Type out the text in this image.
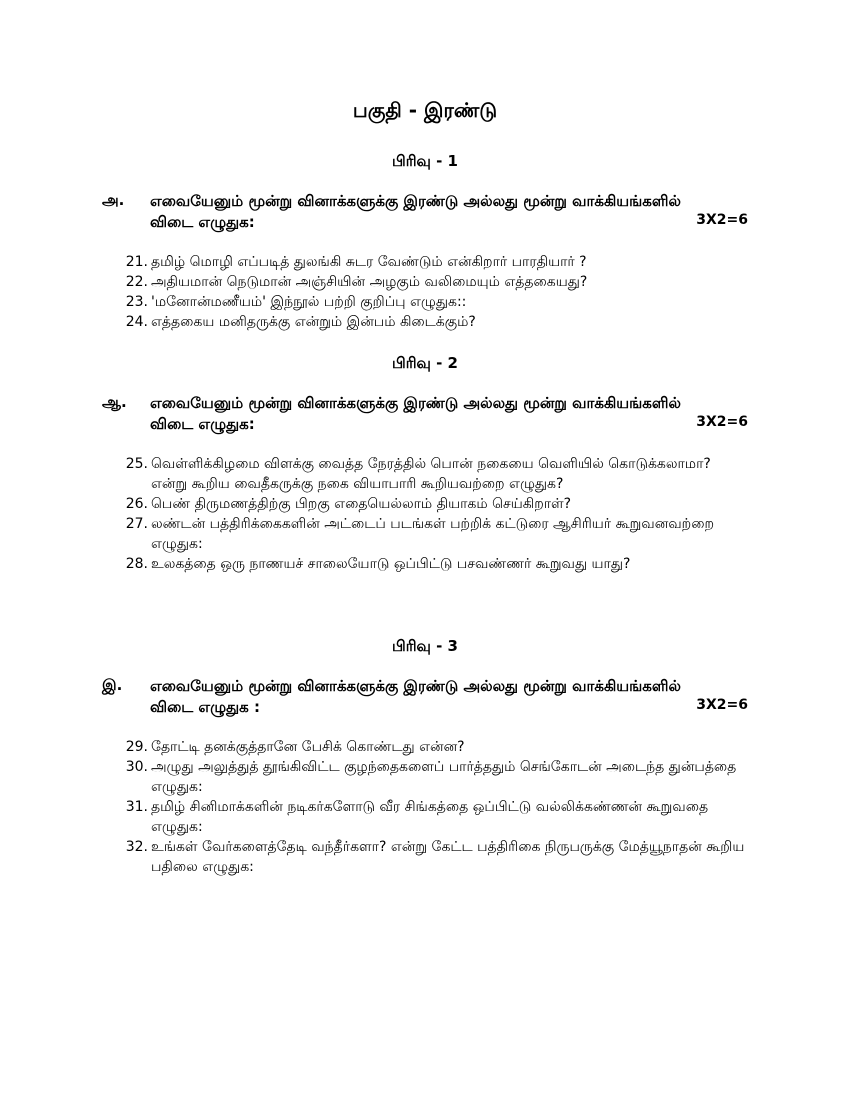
பகுதி - இரண்டு
பிரிவு - 1
அ. எவையேனும் மூன்று வினாக்களுக்கு இரண்டு அல்லது மூன்று வாக்கியங்களில் விடை எழுதுக:	3X2=6
21. தமிழ் மொழி எப்படித் துலங்கி சுடர வேண்டும் என்கிறார் பாரதியார் ?
22. அதியமான் நெடுமான் அஞ்சியின் அழகும் வலிமையும் எத்தகையது?
23. 'மனோன்மணீயம்' இந்நூல் பற்றி குறிப்பு எழுதுக::
24. எத்தகைய மனிதருக்கு என்றும் இன்பம் கிடைக்கும்?
பிரிவு - 2
ஆ. எவையேனும் மூன்று வினாக்களுக்கு இரண்டு அல்லது மூன்று வாக்கியங்களில் விடை எழுதுக:	3X2=6
25. வெள்ளிக்கிழமை விளக்கு வைத்த நேரத்தில் பொன் நகையை வெளியில் கொடுக்கலாமா? என்று கூறிய வைதீகருக்கு நகை வியாபாரி கூறியவற்றை எழுதுக?
26. பெண் திருமணத்திற்கு பிறகு எதையெல்லாம் தியாகம் செய்கிறாள்?
27. லண்டன் பத்திரிக்கைகளின் அட்டைப் படங்கள் பற்றிக் கட்டுரை ஆசிரியர் கூறுவனவற்றை எழுதுக:
28. உலகத்தை ஒரு நாணயச் சாலையோடு ஒப்பிட்டு பசவண்ணர் கூறுவது யாது?
பிரிவு - 3
இ. எவையேனும் மூன்று வினாக்களுக்கு இரண்டு அல்லது மூன்று வாக்கியங்களில் விடை எழுதுக :	3X2=6
29. தோட்டி தனக்குத்தானே பேசிக் கொண்டது என்ன?
30. அழுது அலுத்துத் தூங்கிவிட்ட குழந்தைகளைப் பார்த்ததும் செங்கோடன் அடைந்த துன்பத்தை எழுதுக:
31. தமிழ் சினிமாக்களின் நடிகர்களோடு வீர சிங்கத்தை ஒப்பிட்டு வல்லிக்கண்ணன் கூறுவதை எழுதுக:
32. உங்கள் வேர்களைத்தேடி வந்தீர்களா? என்று கேட்ட பத்திரிகை நிருபருக்கு மேத்யூநாதன் கூறிய பதிலை எழுதுக:
